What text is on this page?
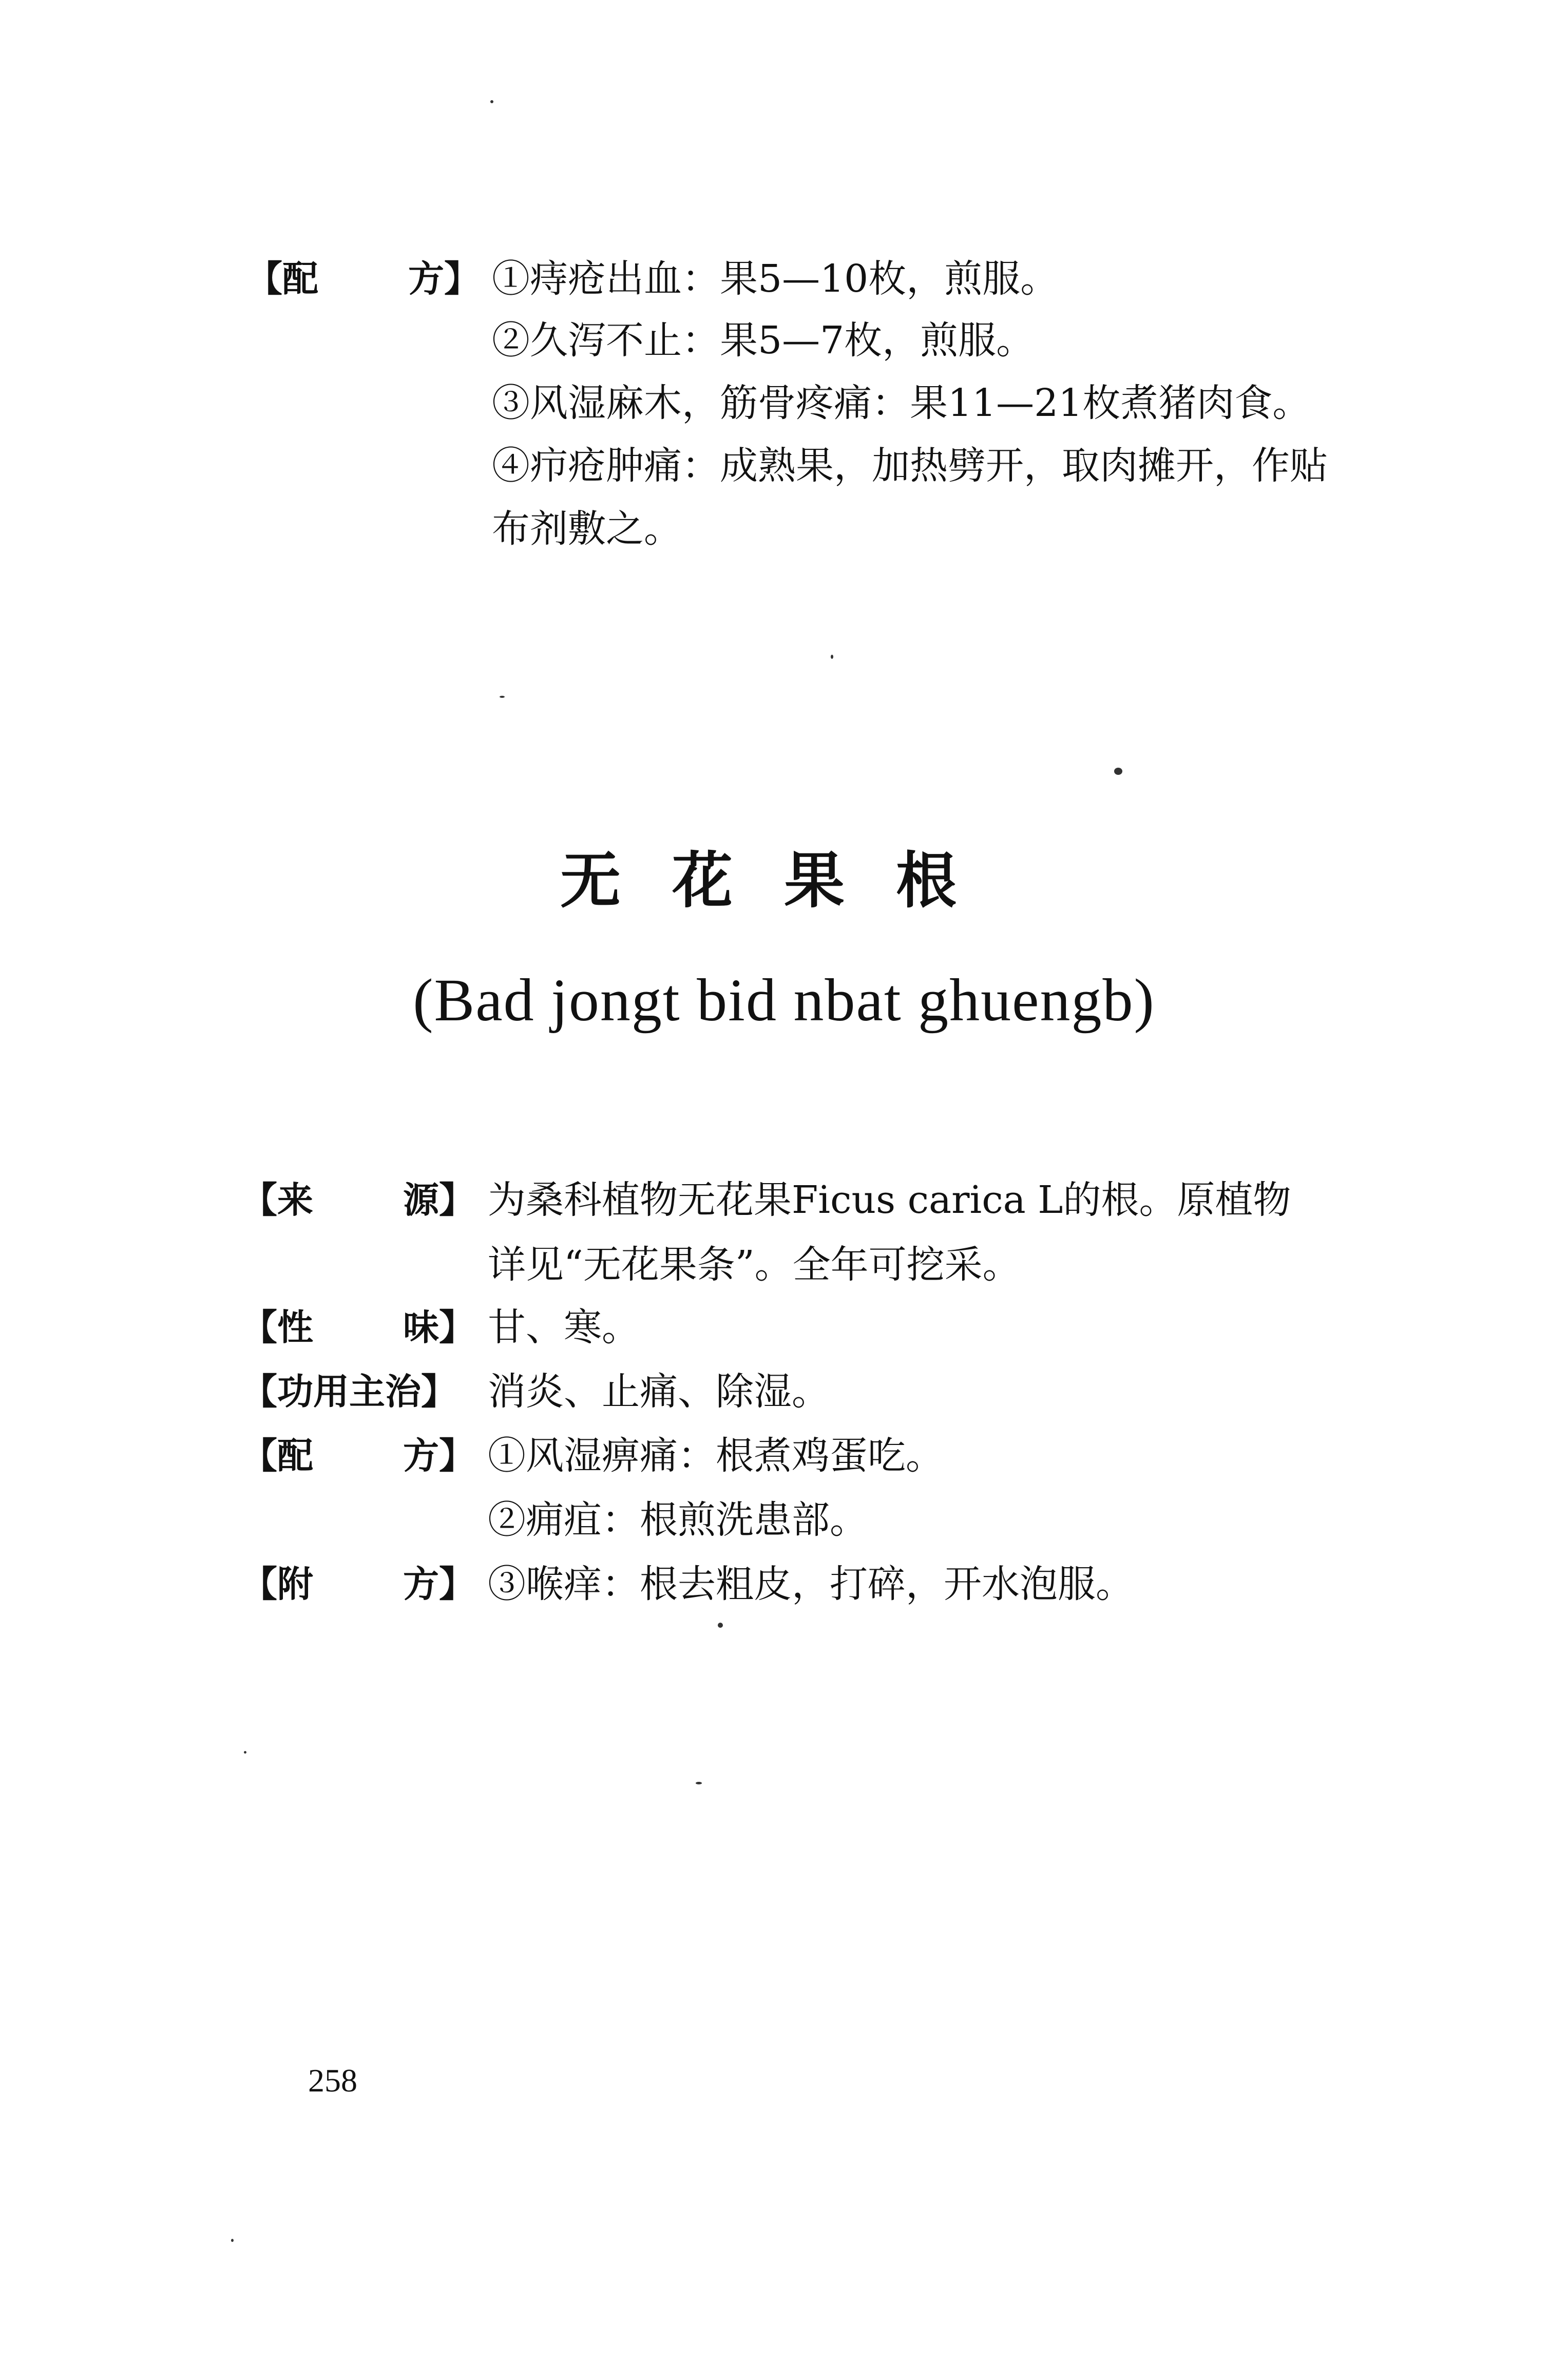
【配	方】 ①痔疮出血：果5—10枚，煎服。
②久泻不止：果5—7枚，煎服。
③风湿麻木，筋骨疼痛：果11—21枚煮猪肉食。
④疖疮肿痛：成熟果，加热劈开，取肉摊开，作贴
布剂敷之。
无花果根
(Bad jongt bid nbat ghuengb)
【来	源】 为桑科植物无花果Ficus carica L的根。原植物
详见“无花果条”。全年可挖采。
【性	味】 甘、寒。
【功用主治】 消炎、止痛、除湿。
【配	方】 ①风湿痹痛：根煮鸡蛋吃。
②痈疽：根煎洗患部。
【附	方】 ③喉痒：根去粗皮，打碎，开水泡服。
258
